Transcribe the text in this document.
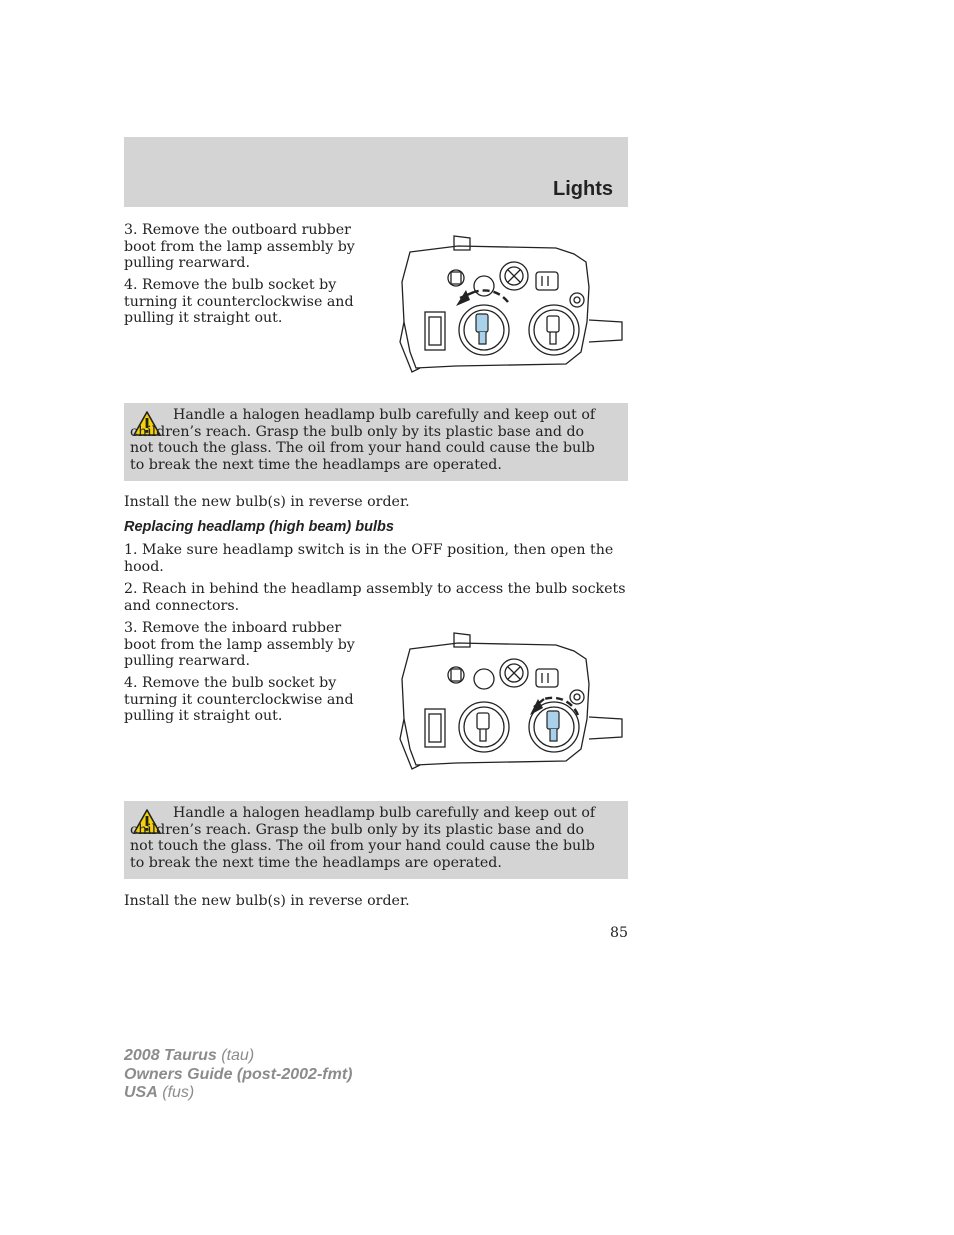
Lights

3. Remove the outboard rubber boot from the lamp assembly by pulling rearward.

4. Remove the bulb socket by turning it counterclockwise and pulling it straight out.

Handle a halogen headlamp bulb carefully and keep out of children’s reach. Grasp the bulb only by its plastic base and do not touch the glass. The oil from your hand could cause the bulb to break the next time the headlamps are operated.

Install the new bulb(s) in reverse order.

Replacing headlamp (high beam) bulbs

1. Make sure headlamp switch is in the OFF position, then open the hood.

2. Reach in behind the headlamp assembly to access the bulb sockets and connectors.

3. Remove the inboard rubber boot from the lamp assembly by pulling rearward.

4. Remove the bulb socket by turning it counterclockwise and pulling it straight out.

Handle a halogen headlamp bulb carefully and keep out of children’s reach. Grasp the bulb only by its plastic base and do not touch the glass. The oil from your hand could cause the bulb to break the next time the headlamps are operated.

Install the new bulb(s) in reverse order.

85
2008 Taurus (tau)
Owners Guide (post-2002-fmt)
USA (fus)
